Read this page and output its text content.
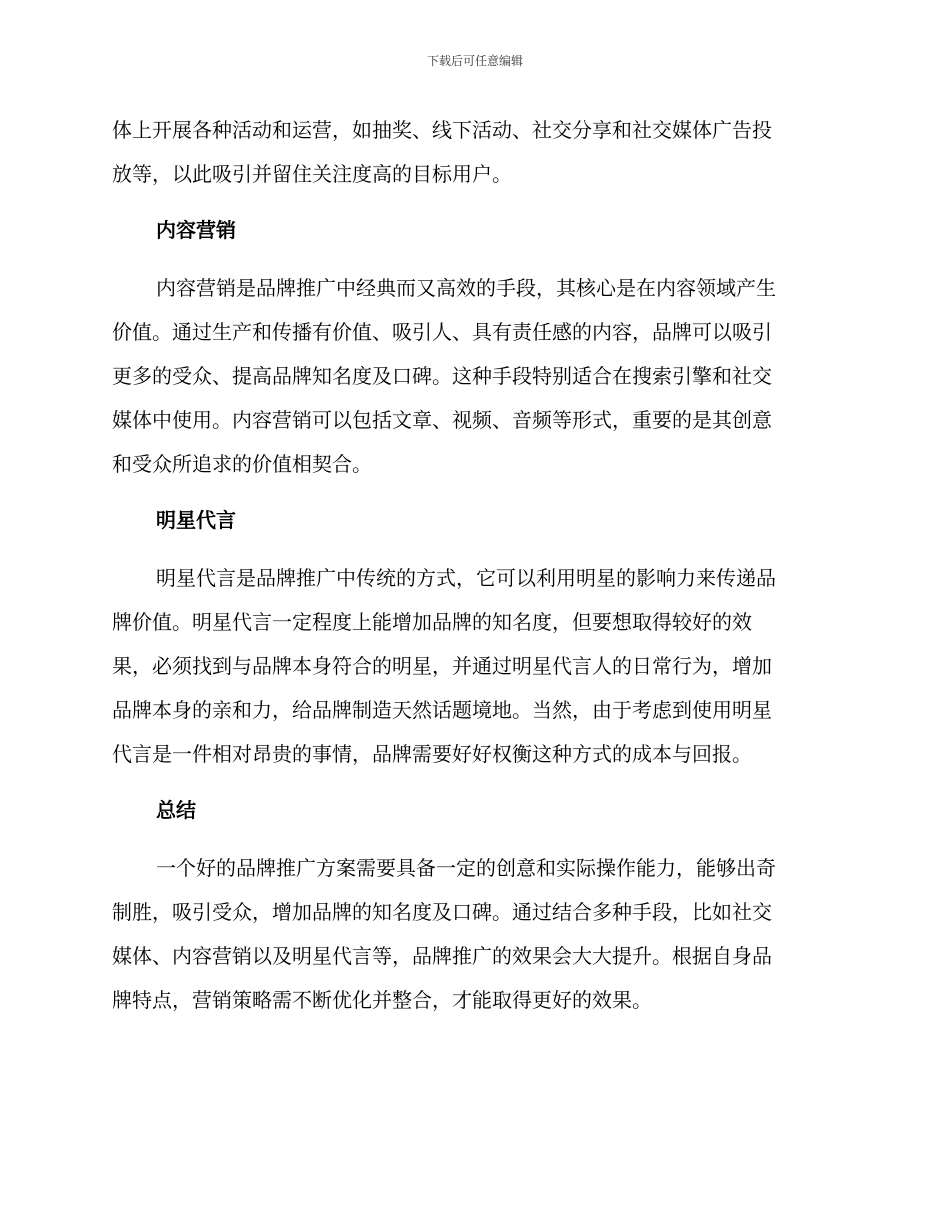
下载后可任意编辑
体上开展各种活动和运营，如抽奖、线下活动、社交分享和社交媒体广告投
放等，以此吸引并留住关注度高的目标用户。
内容营销
内容营销是品牌推广中经典而又高效的手段，其核心是在内容领域产生
价值。通过生产和传播有价值、吸引人、具有责任感的内容，品牌可以吸引
更多的受众、提高品牌知名度及口碑。这种手段特别适合在搜索引擎和社交
媒体中使用。内容营销可以包括文章、视频、音频等形式，重要的是其创意
和受众所追求的价值相契合。
明星代言
明星代言是品牌推广中传统的方式，它可以利用明星的影响力来传递品
牌价值。明星代言一定程度上能增加品牌的知名度，但要想取得较好的效
果，必须找到与品牌本身符合的明星，并通过明星代言人的日常行为，增加
品牌本身的亲和力，给品牌制造天然话题境地。当然，由于考虑到使用明星
代言是一件相对昂贵的事情，品牌需要好好权衡这种方式的成本与回报。
总结
一个好的品牌推广方案需要具备一定的创意和实际操作能力，能够出奇
制胜，吸引受众，增加品牌的知名度及口碑。通过结合多种手段，比如社交
媒体、内容营销以及明星代言等，品牌推广的效果会大大提升。根据自身品
牌特点，营销策略需不断优化并整合，才能取得更好的效果。
